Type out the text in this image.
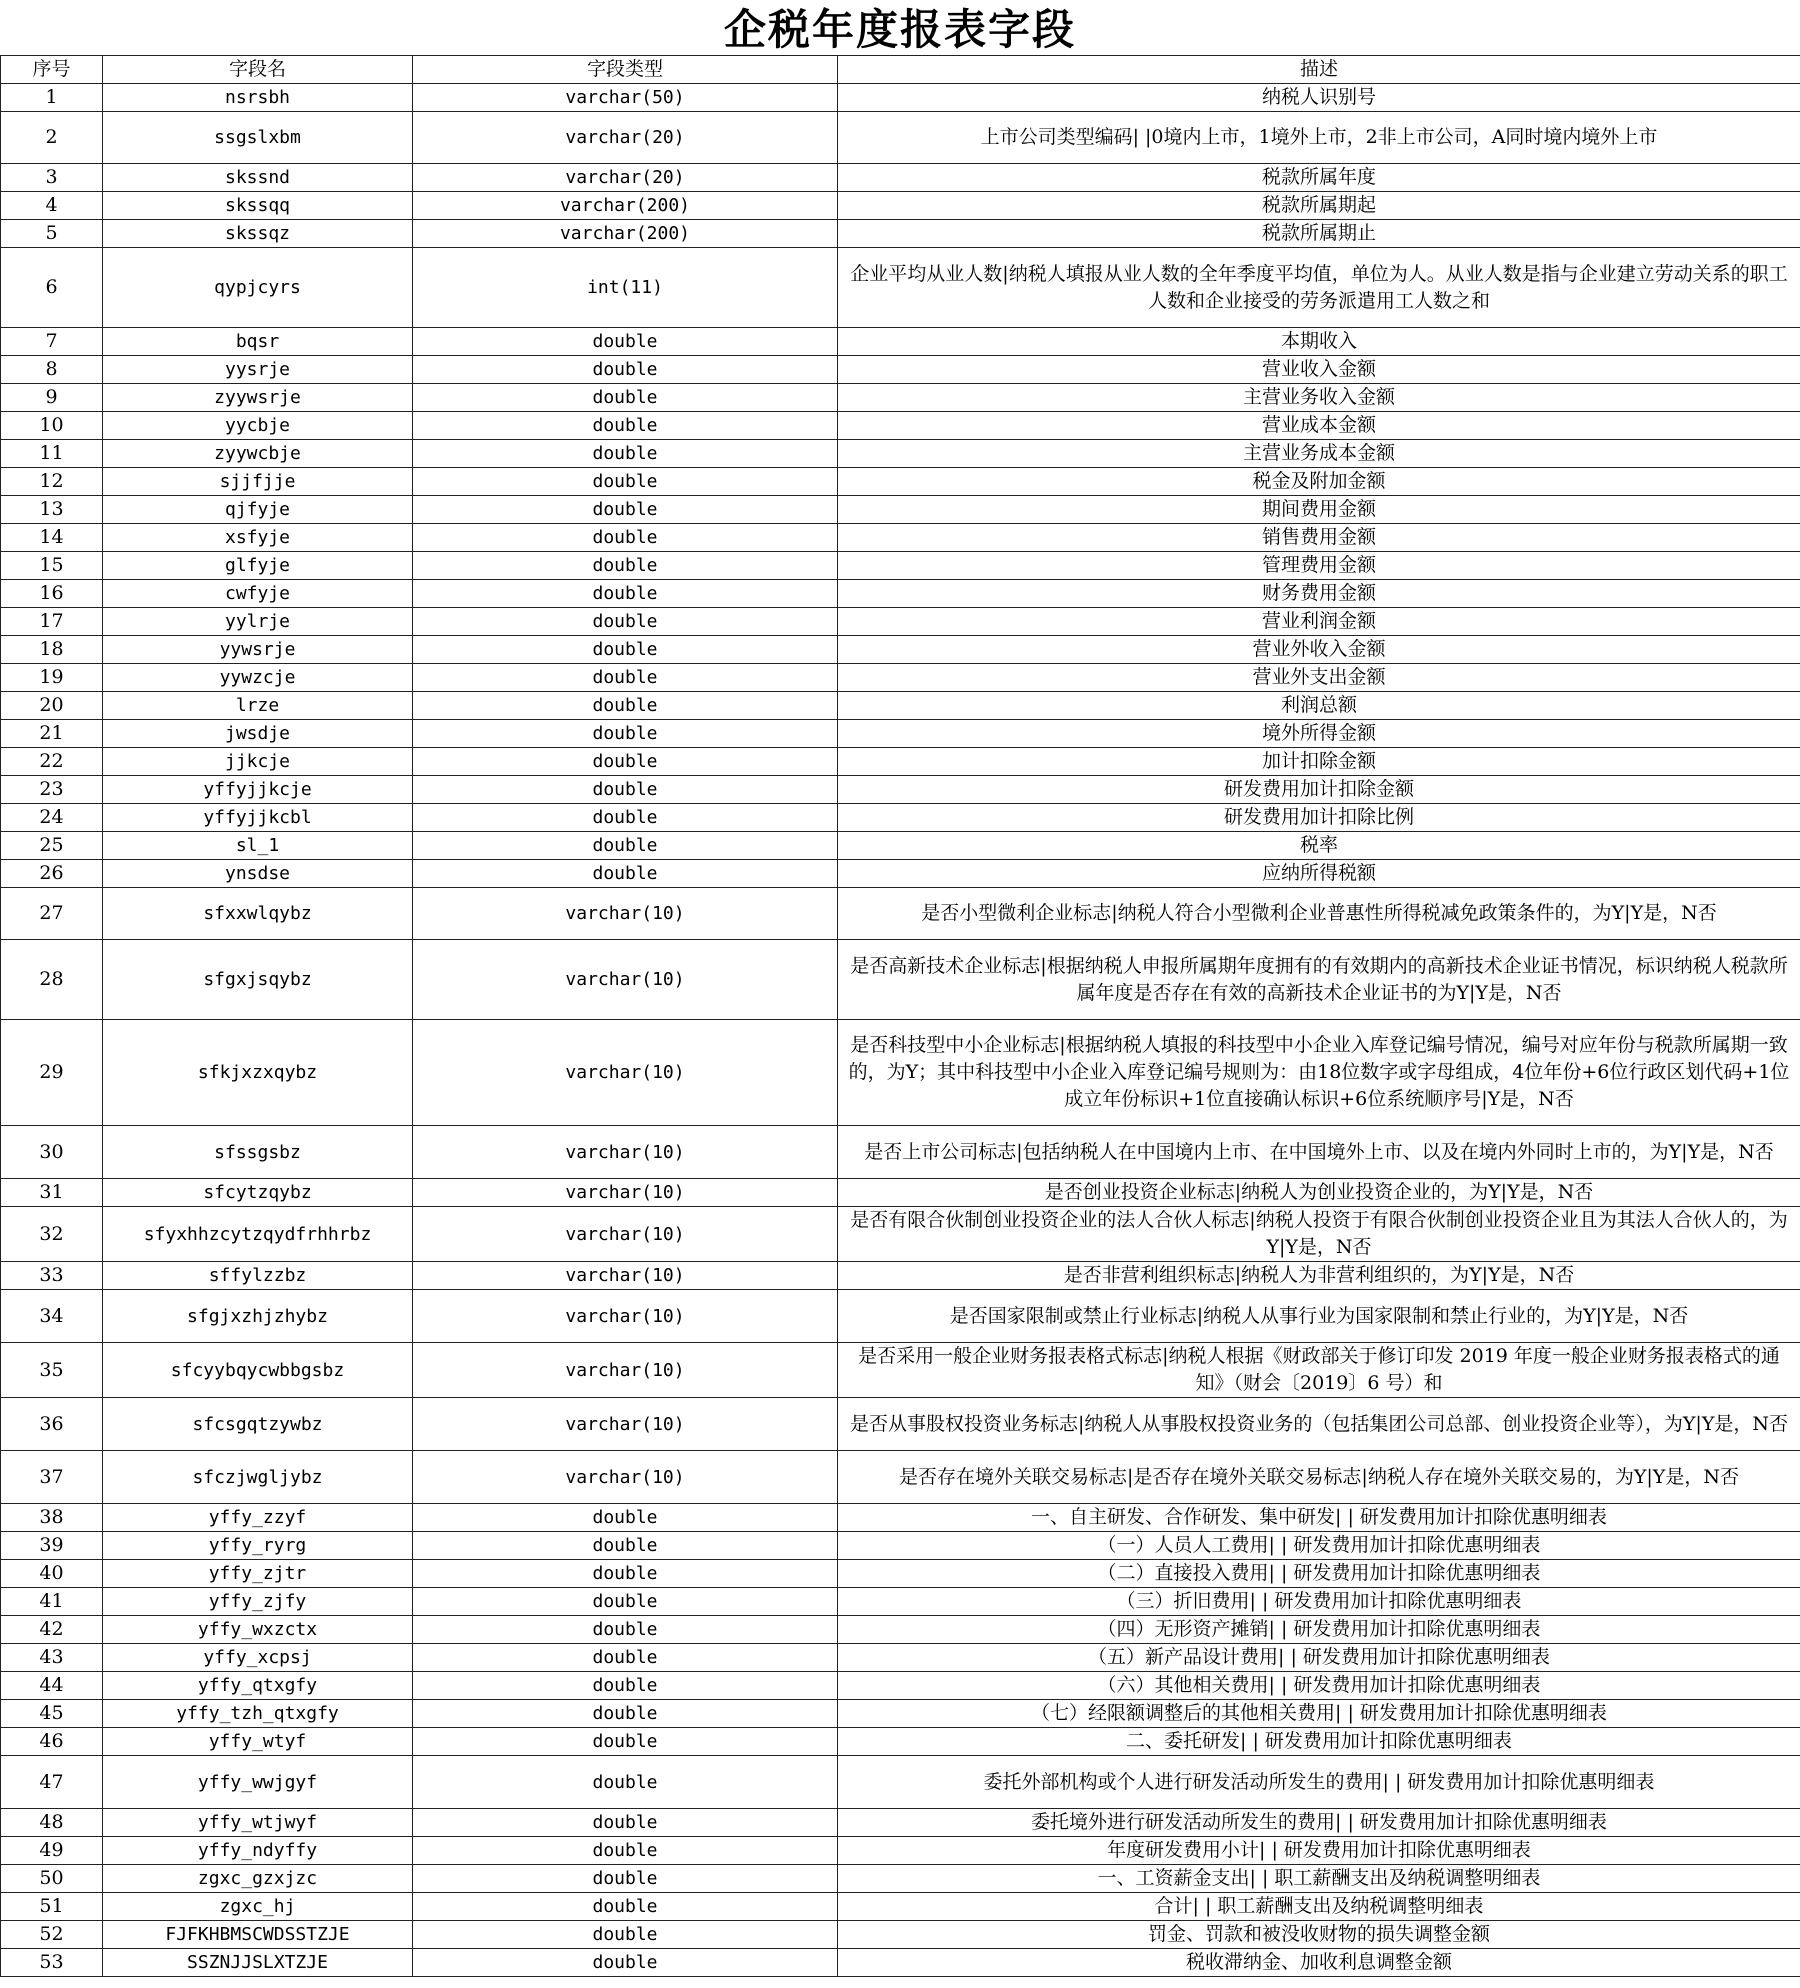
企税年度报表字段
序号	字段名	字段类型	描述
1	nsrsbh	varchar(50)	纳税人识别号
2	ssgslxbm	varchar(20)	上市公司类型编码| |0境内上市，1境外上市，2非上市公司，A同时境内境外上市
3	skssnd	varchar(20)	税款所属年度
4	skssqq	varchar(200)	税款所属期起
5	skssqz	varchar(200)	税款所属期止
6	qypjcyrs	int(11)	企业平均从业人数|纳税人填报从业人数的全年季度平均值，单位为人。从业人数是指与企业建立劳动关系的职工人数和企业接受的劳务派遣用工人数之和
7	bqsr	double	本期收入
8	yysrje	double	营业收入金额
9	zyywsrje	double	主营业务收入金额
10	yycbje	double	营业成本金额
11	zyywcbje	double	主营业务成本金额
12	sjjfjje	double	税金及附加金额
13	qjfyje	double	期间费用金额
14	xsfyje	double	销售费用金额
15	glfyje	double	管理费用金额
16	cwfyje	double	财务费用金额
17	yylrje	double	营业利润金额
18	yywsrje	double	营业外收入金额
19	yywzcje	double	营业外支出金额
20	lrze	double	利润总额
21	jwsdje	double	境外所得金额
22	jjkcje	double	加计扣除金额
23	yffyjjkcje	double	研发费用加计扣除金额
24	yffyjjkcbl	double	研发费用加计扣除比例
25	sl_1	double	税率
26	ynsdse	double	应纳所得税额
27	sfxxwlqybz	varchar(10)	是否小型微利企业标志|纳税人符合小型微利企业普惠性所得税减免政策条件的，为Y|Y是，N否
28	sfgxjsqybz	varchar(10)	是否高新技术企业标志|根据纳税人申报所属期年度拥有的有效期内的高新技术企业证书情况，标识纳税人税款所属年度是否存在有效的高新技术企业证书的为Y|Y是，N否
29	sfkjxzxqybz	varchar(10)	是否科技型中小企业标志|根据纳税人填报的科技型中小企业入库登记编号情况，编号对应年份与税款所属期一致的，为Y；其中科技型中小企业入库登记编号规则为：由18位数字或字母组成，4位年份+6位行政区划代码+1位成立年份标识+1位直接确认标识+6位系统顺序号|Y是，N否
30	sfssgsbz	varchar(10)	是否上市公司标志|包括纳税人在中国境内上市、在中国境外上市、以及在境内外同时上市的，为Y|Y是，N否
31	sfcytzqybz	varchar(10)	是否创业投资企业标志|纳税人为创业投资企业的，为Y|Y是，N否
32	sfyxhhzcytzqydfrhhrbz	varchar(10)	是否有限合伙制创业投资企业的法人合伙人标志|纳税人投资于有限合伙制创业投资企业且为其法人合伙人的，为Y|Y是，N否
33	sffylzzbz	varchar(10)	是否非营利组织标志|纳税人为非营利组织的，为Y|Y是，N否
34	sfgjxzhjzhybz	varchar(10)	是否国家限制或禁止行业标志|纳税人从事行业为国家限制和禁止行业的，为Y|Y是，N否
35	sfcyybqycwbbgsbz	varchar(10)	是否采用一般企业财务报表格式标志|纳税人根据《财政部关于修订印发 2019 年度一般企业财务报表格式的通知》（财会〔2019〕6 号）和
36	sfcsgqtzywbz	varchar(10)	是否从事股权投资业务标志|纳税人从事股权投资业务的（包括集团公司总部、创业投资企业等），为Y|Y是，N否
37	sfczjwgljybz	varchar(10)	是否存在境外关联交易标志|是否存在境外关联交易标志|纳税人存在境外关联交易的，为Y|Y是，N否
38	yffy_zzyf	double	一、自主研发、合作研发、集中研发| | 研发费用加计扣除优惠明细表
39	yffy_ryrg	double	（一）人员人工费用| | 研发费用加计扣除优惠明细表
40	yffy_zjtr	double	（二）直接投入费用| | 研发费用加计扣除优惠明细表
41	yffy_zjfy	double	（三）折旧费用| | 研发费用加计扣除优惠明细表
42	yffy_wxzctx	double	（四）无形资产摊销| | 研发费用加计扣除优惠明细表
43	yffy_xcpsj	double	（五）新产品设计费用| | 研发费用加计扣除优惠明细表
44	yffy_qtxgfy	double	（六）其他相关费用| | 研发费用加计扣除优惠明细表
45	yffy_tzh_qtxgfy	double	（七）经限额调整后的其他相关费用| | 研发费用加计扣除优惠明细表
46	yffy_wtyf	double	二、委托研发| | 研发费用加计扣除优惠明细表
47	yffy_wwjgyf	double	委托外部机构或个人进行研发活动所发生的费用| | 研发费用加计扣除优惠明细表
48	yffy_wtjwyf	double	委托境外进行研发活动所发生的费用| | 研发费用加计扣除优惠明细表
49	yffy_ndyffy	double	年度研发费用小计| | 研发费用加计扣除优惠明细表
50	zgxc_gzxjzc	double	一、工资薪金支出| | 职工薪酬支出及纳税调整明细表
51	zgxc_hj	double	合计| | 职工薪酬支出及纳税调整明细表
52	FJFKHBMSCWDSSTZJE	double	罚金、罚款和被没收财物的损失调整金额
53	SSZNJJSLXTZJE	double	税收滞纳金、加收利息调整金额
